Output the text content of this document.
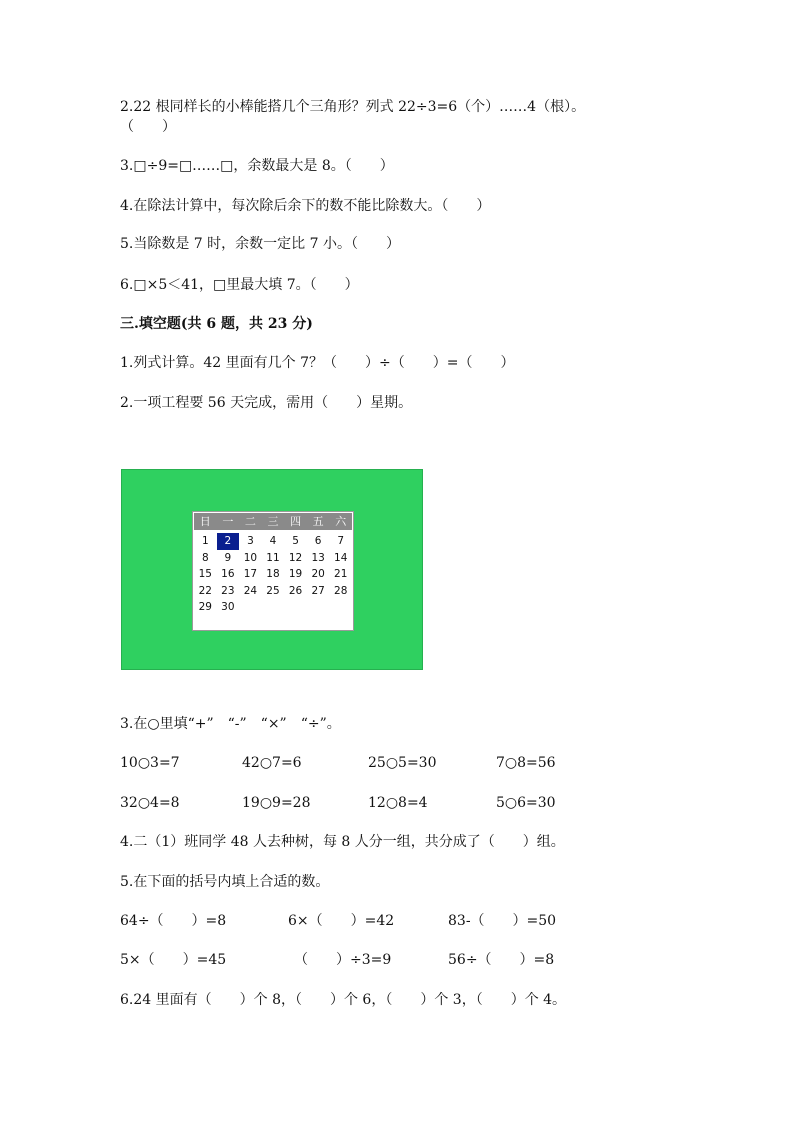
2.22 根同样长的小棒能搭几个三角形？列式 22÷3=6（个）……4（根）。
（　　）
3.□÷9=□……□，余数最大是 8。（　　）
4.在除法计算中，每次除后余下的数不能比除数大。（　　）
5.当除数是 7 时，余数一定比 7 小。（　　）
6.□×5＜41，□里最大填 7。（　　）
三.填空题(共 6 题，共 23 分)
1.列式计算。42 里面有几个 7？（　　）÷（　　）=（　　）
2.一项工程要 56 天完成，需用（　　）星期。
日	一	二	三	四	五	六
1	2	3	4	5	6	7
8	9	10 11 12 13 14
15 16 17 18 19 20 21
22 23 24 25 26 27 28
29 30
3.在○里填“+”　“-”　“×”　“÷”。
10○3=7	42○7=6	25○5=30	7○8=56
32○4=8	19○9=28	12○8=4	5○6=30
4.二（1）班同学 48 人去种树，每 8 人分一组，共分成了（　　）组。
5.在下面的括号内填上合适的数。
64÷（　　）=8	6×（　　）=42	83-（　　）=50
5×（　　）=45	（　　）÷3=9	56÷（　　）=8
6.24 里面有（　　）个 8，（　　）个 6，（　　）个 3，（　　）个 4。
